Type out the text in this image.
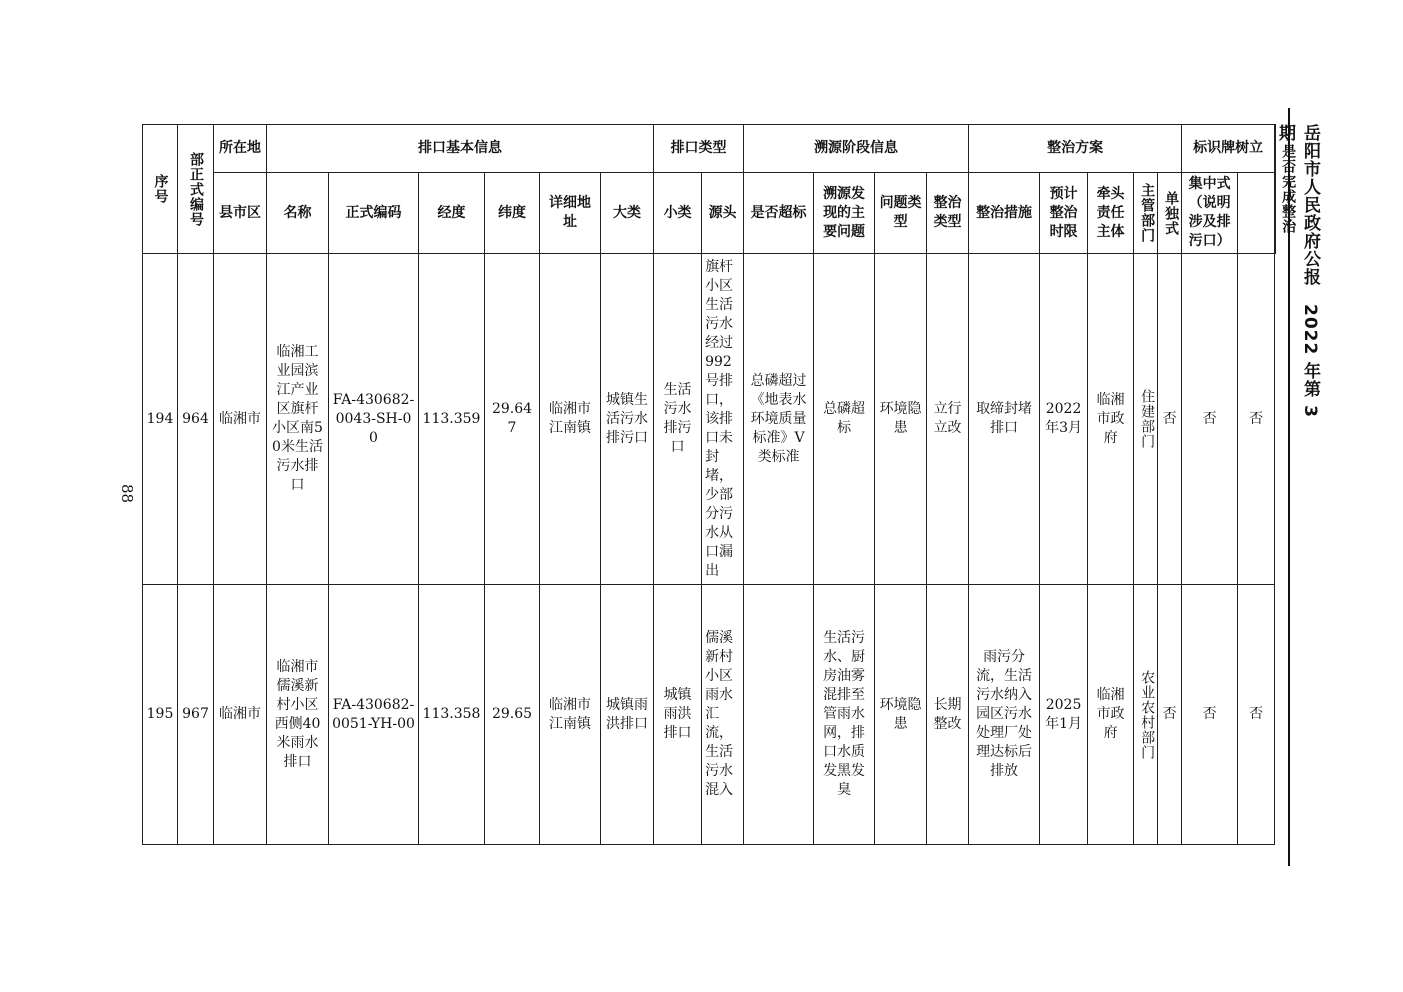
岳阳市人民政府公报　2022 年第 3 期
88
序号	部正式编号	所在地	排口基本信息						排口类型		溯源阶段信息				整治方案					标识牌树立		是否完成整治

		县市区	名称	正式编码	经度	纬度	详细地址	大类	小类	源头	是否超标	溯源发现的主要问题	问题类型	整治类型	整治措施	预计整治时限	牵头责任主体	主管部门	单独式	集中式（说明涉及排污口）		
194	964	临湘市	临湘工业园滨江产业区旗杆小区南50米生活污水排口	FA-430682-0043-SH-00	113.359	29.647	临湘市江南镇	城镇生活污水排污口	生活污水排污口	旗杆小区生活污水经过992号排口，该排口未封堵，少部分污水从口漏出	总磷超过《地表水环境质量标准》V类标准	总磷超标	环境隐患	立行立改	取缔封堵排口	2022年3月	临湘市政府	住建部门	否	否	否	
195	967	临湘市	临湘市儒溪新村小区西侧40米雨水排口	FA-430682-0051-YH-00	113.358	29.65	临湘市江南镇	城镇雨洪排口	城镇雨洪排口	儒溪新村小区雨水汇流，生活污水混入		生活污水、厨房油雾混排至管雨水网，排口水质发黑发臭	环境隐患	长期整改	雨污分流，生活污水纳入园区污水处理厂处理达标后排放	2025年1月	临湘市政府	农业农村部门	否	否	否	
